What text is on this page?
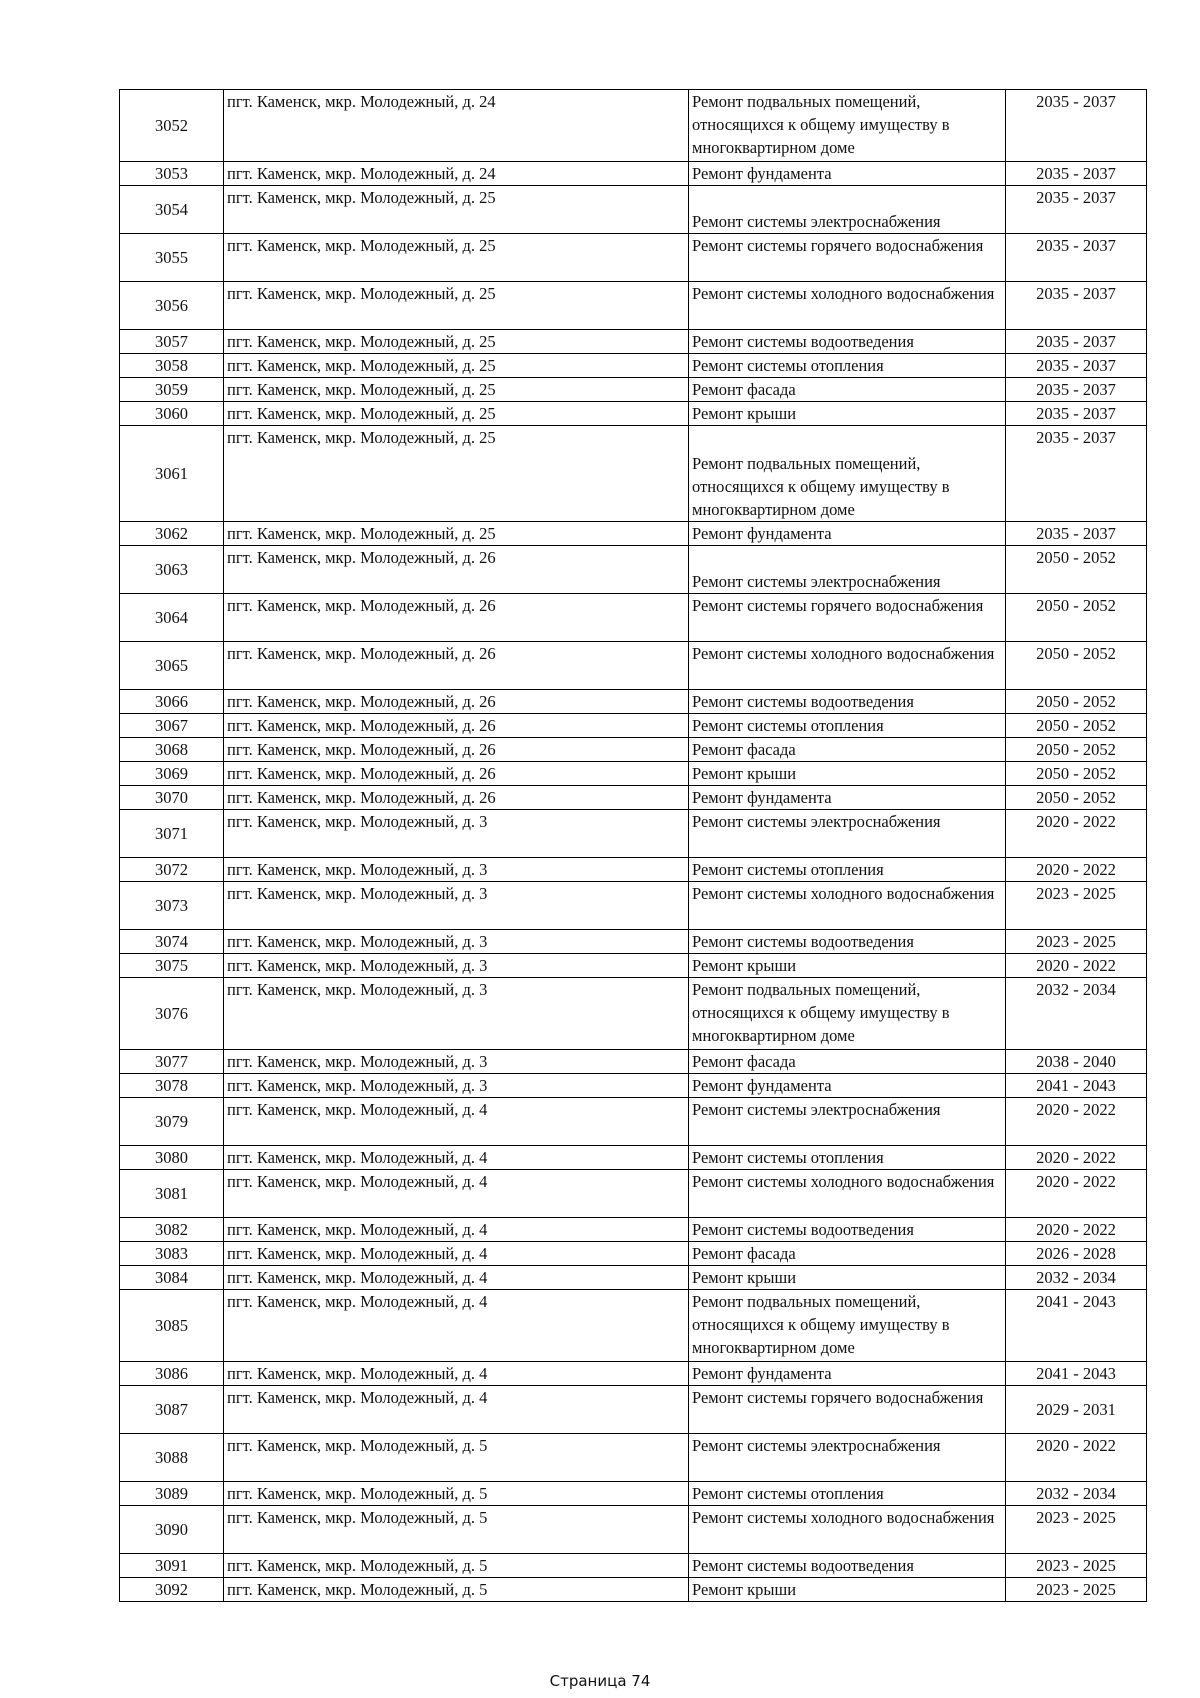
3052	пгт. Каменск, мкр. Молодежный, д. 24	Ремонт подвальных помещений, относящихся к общему имуществу в многоквартирном доме	2035 - 2037
3053	пгт. Каменск, мкр. Молодежный, д. 24	Ремонт фундамента	2035 - 2037
3054	пгт. Каменск, мкр. Молодежный, д. 25	Ремонт системы электроснабжения	2035 - 2037
3055	пгт. Каменск, мкр. Молодежный, д. 25	Ремонт системы горячего водоснабжения	2035 - 2037
3056	пгт. Каменск, мкр. Молодежный, д. 25	Ремонт системы холодного водоснабжения	2035 - 2037
3057	пгт. Каменск, мкр. Молодежный, д. 25	Ремонт системы водоотведения	2035 - 2037
3058	пгт. Каменск, мкр. Молодежный, д. 25	Ремонт системы отопления	2035 - 2037
3059	пгт. Каменск, мкр. Молодежный, д. 25	Ремонт фасада	2035 - 2037
3060	пгт. Каменск, мкр. Молодежный, д. 25	Ремонт крыши	2035 - 2037
3061	пгт. Каменск, мкр. Молодежный, д. 25	Ремонт подвальных помещений, относящихся к общему имуществу в многоквартирном доме	2035 - 2037
3062	пгт. Каменск, мкр. Молодежный, д. 25	Ремонт фундамента	2035 - 2037
3063	пгт. Каменск, мкр. Молодежный, д. 26	Ремонт системы электроснабжения	2050 - 2052
3064	пгт. Каменск, мкр. Молодежный, д. 26	Ремонт системы горячего водоснабжения	2050 - 2052
3065	пгт. Каменск, мкр. Молодежный, д. 26	Ремонт системы холодного водоснабжения	2050 - 2052
3066	пгт. Каменск, мкр. Молодежный, д. 26	Ремонт системы водоотведения	2050 - 2052
3067	пгт. Каменск, мкр. Молодежный, д. 26	Ремонт системы отопления	2050 - 2052
3068	пгт. Каменск, мкр. Молодежный, д. 26	Ремонт фасада	2050 - 2052
3069	пгт. Каменск, мкр. Молодежный, д. 26	Ремонт крыши	2050 - 2052
3070	пгт. Каменск, мкр. Молодежный, д. 26	Ремонт фундамента	2050 - 2052
3071	пгт. Каменск, мкр. Молодежный, д. 3	Ремонт системы электроснабжения	2020 - 2022
3072	пгт. Каменск, мкр. Молодежный, д. 3	Ремонт системы отопления	2020 - 2022
3073	пгт. Каменск, мкр. Молодежный, д. 3	Ремонт системы холодного водоснабжения	2023 - 2025
3074	пгт. Каменск, мкр. Молодежный, д. 3	Ремонт системы водоотведения	2023 - 2025
3075	пгт. Каменск, мкр. Молодежный, д. 3	Ремонт крыши	2020 - 2022
3076	пгт. Каменск, мкр. Молодежный, д. 3	Ремонт подвальных помещений, относящихся к общему имуществу в многоквартирном доме	2032 - 2034
3077	пгт. Каменск, мкр. Молодежный, д. 3	Ремонт фасада	2038 - 2040
3078	пгт. Каменск, мкр. Молодежный, д. 3	Ремонт фундамента	2041 - 2043
3079	пгт. Каменск, мкр. Молодежный, д. 4	Ремонт системы электроснабжения	2020 - 2022
3080	пгт. Каменск, мкр. Молодежный, д. 4	Ремонт системы отопления	2020 - 2022
3081	пгт. Каменск, мкр. Молодежный, д. 4	Ремонт системы холодного водоснабжения	2020 - 2022
3082	пгт. Каменск, мкр. Молодежный, д. 4	Ремонт системы водоотведения	2020 - 2022
3083	пгт. Каменск, мкр. Молодежный, д. 4	Ремонт фасада	2026 - 2028
3084	пгт. Каменск, мкр. Молодежный, д. 4	Ремонт крыши	2032 - 2034
3085	пгт. Каменск, мкр. Молодежный, д. 4	Ремонт подвальных помещений, относящихся к общему имуществу в многоквартирном доме	2041 - 2043
3086	пгт. Каменск, мкр. Молодежный, д. 4	Ремонт фундамента	2041 - 2043
3087	пгт. Каменск, мкр. Молодежный, д. 4	Ремонт системы горячего водоснабжения	2029 - 2031
3088	пгт. Каменск, мкр. Молодежный, д. 5	Ремонт системы электроснабжения	2020 - 2022
3089	пгт. Каменск, мкр. Молодежный, д. 5	Ремонт системы отопления	2032 - 2034
3090	пгт. Каменск, мкр. Молодежный, д. 5	Ремонт системы холодного водоснабжения	2023 - 2025
3091	пгт. Каменск, мкр. Молодежный, д. 5	Ремонт системы водоотведения	2023 - 2025
3092	пгт. Каменск, мкр. Молодежный, д. 5	Ремонт крыши	2023 - 2025
Страница 74
